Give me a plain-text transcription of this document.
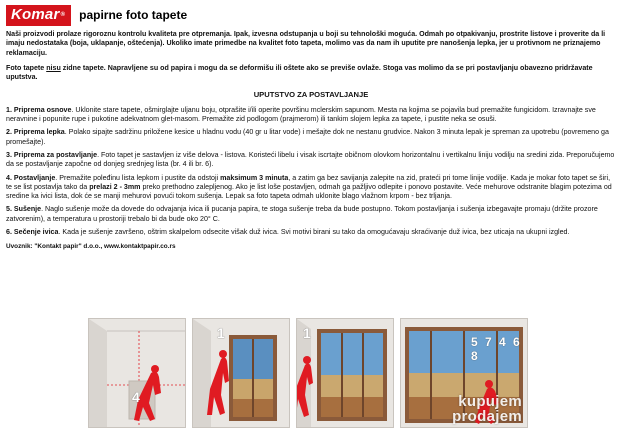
Komar®	papirne foto tapete

Naši proizvodi prolaze rigoroznu kontrolu kvaliteta pre otpremanja. Ipak, izvesna odstupanja u boji su tehnološki moguća. Odmah po otpakivanju, prostrite listove i proverite da li imaju nedostataka (boja, uklapanje, oštećenja). Ukoliko imate primedbe na kvalitet foto tapeta, molimo vas da nam ih uputite pre nanošenja lepka, jer u protivnom ne priznajemo reklamaciju.

Foto tapete nisu zidne tapete. Napravljene su od papira i mogu da se deformišu ili oštete ako se previše ovlaže. Stoga vas molimo da se pri postavljanju obavezno pridržavate uputstva.

UPUTSTVO ZA POSTAVLJANJE

1. Priprema osnove. Uklonite stare tapete, ošmirglajte uljanu boju, otprašite i/ili operite površinu mclerskim sapunom. Mesta na kojima se pojavila bud premažite fungicidom. Izravnajte sve neravnine i popunite rupe i pukotine adekvatnom glet-masom. Premažite zid podlogom (prajmerom) ili tankim slojem lepka za tapete, i pustite neka se osuši.

2. Priprema lepka. Polako sipajte sadržinu priložene kesice u hladnu vodu (40 gr u litar vode) i mešajte dok ne nestanu grudvice. Nakon 3 minuta lepak je spreman za upotrebu (povremeno ga promešajte).

3. Priprema za postavljanje. Foto tapet je sastavljen iz više delova - listova. Koristeći libelu i visak iscrtajte običnom olovkom horizontalnu i vertikalnu liniju vodilju na sredini zida. Preporučujemo da se postavljanje započne od donjeg srednjeg lista (br. 4 ili br. 6).

4. Postavljanje. Premažite poleđinu lista lepkom i pustite da odstoji maksimum 3 minuta, a zatim ga bez savijanja zalepite na zid, prateći pri tome linije vodilje. Kada je mokar foto tapet se širi, te se list postavlja tako da prelazi 2 - 3mm preko prethodno zalepljenog. Ako je list loše postavljen, odmah ga pažljivo odlepite i ponovo postavite. Veće mehurove odstranite blagim potezima od sredine ka ivici lista, dok će se manji mehurovi povući tokom sušenja. Lepak sa foto tapeta odmah uklonite blago vlažnom krpom - bez trljanja.

5. Sušenje. Naglo sušenje može da dovede do odvajanja ivica ili pucanja papira, te stoga sušenje treba da bude postupno. Tokom postavljanja i sušenja izbegavajte promaju (držite prozore zatvorenim), a temperatura u prostoriji trebalo bi da bude oko 20° C.

6. Sečenje ivica. Kada je sušenje završeno, oštrim skalpelom odsecite višak duž ivica. Svi motivi birani su tako da omogućavaju skraćivanje duž ivica, bez uticaja na ukupni izgled.

Uvoznik: "Kontakt papir" d.o.o., www.kontaktpapir.co.rs

4
1	1
5 7 4 6 8
kupujem
prodajem
